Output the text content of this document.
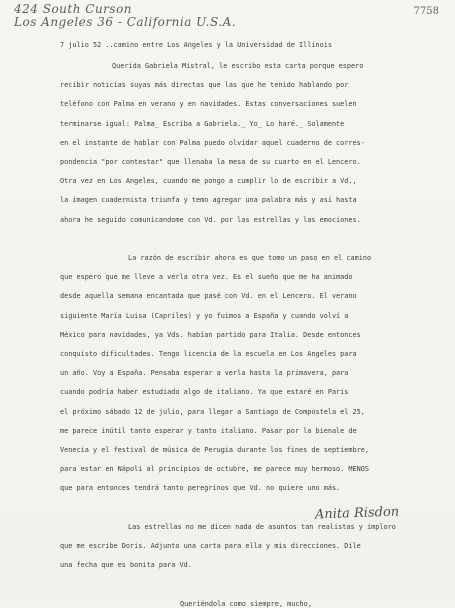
424 South Curson
Los Angeles 36 - California U.S.A.
7758
7 julio 52 ..camino entre Los Angeles y la Universidad de Illinois
Querida Gabriela Mistral, le escribo esta carta porque espero
recibir noticias suyas más directas que las que he tenido hablando por
teléfono con Palma en verano y en navidades. Estas conversaciones suelen
terminarse igual: Palma_ Escriba a Gabriela._ Yo_ Lo haré._ Solamente
en el instante de hablar con Palma puedo olvidar aquel cuaderno de corres-
pondencia "por contestar" que llenaba la mesa de su cuarto en el Lencero.
Otra vez en Los Angeles, cuando me pongo a cumplir lo de escribir a Vd.,
la imagen cuadernista triunfa y temo agregar una palabra más y así hasta
ahora he seguido comunicandome con Vd. por las estrellas y las emociones.
La razón de escribir ahora es que tomo un paso en el camino
que espero que me lleve a verla otra vez. Es el sueño que me ha animado
desde aquella semana encantada que pasé con Vd. en el Lencero. El verano
siguiente María Luisa (Capriles) y yo fuimos a España y cuando volví a
México para navidades, ya Vds. habían partido para Italia. Desde entonces
conquisto dificultades. Tengo licencia de la escuela en Los Angeles para
un año. Voy a España. Pensaba esperar a verla hasta la primavera, para
cuando podría haber estudiado algo de italiano. Ya que estaré en Paris
el próximo sábado 12 de julio, para llegar a Santiago de Compostela el 25,
me parece inútil tanto esperar y tanto italiano. Pasar por la bienale de
Venecia y el festival de música de Perugia durante los fines de septiembre,
para estar en Nápoli al principios de octubre, me parece muy hermoso. MENOS
que para entonces tendrá tanto peregrinos que Vd. no quiere uno más.
Las estrellas no me dicen nada de asuntos tan realistas y imploro
que me escribe Doris. Adjunto una carta para ella y mis direcciones. Dile
una fecha que es bonita para Vd.
Queriéndola como siempre, mucho,
Anita Risdon
